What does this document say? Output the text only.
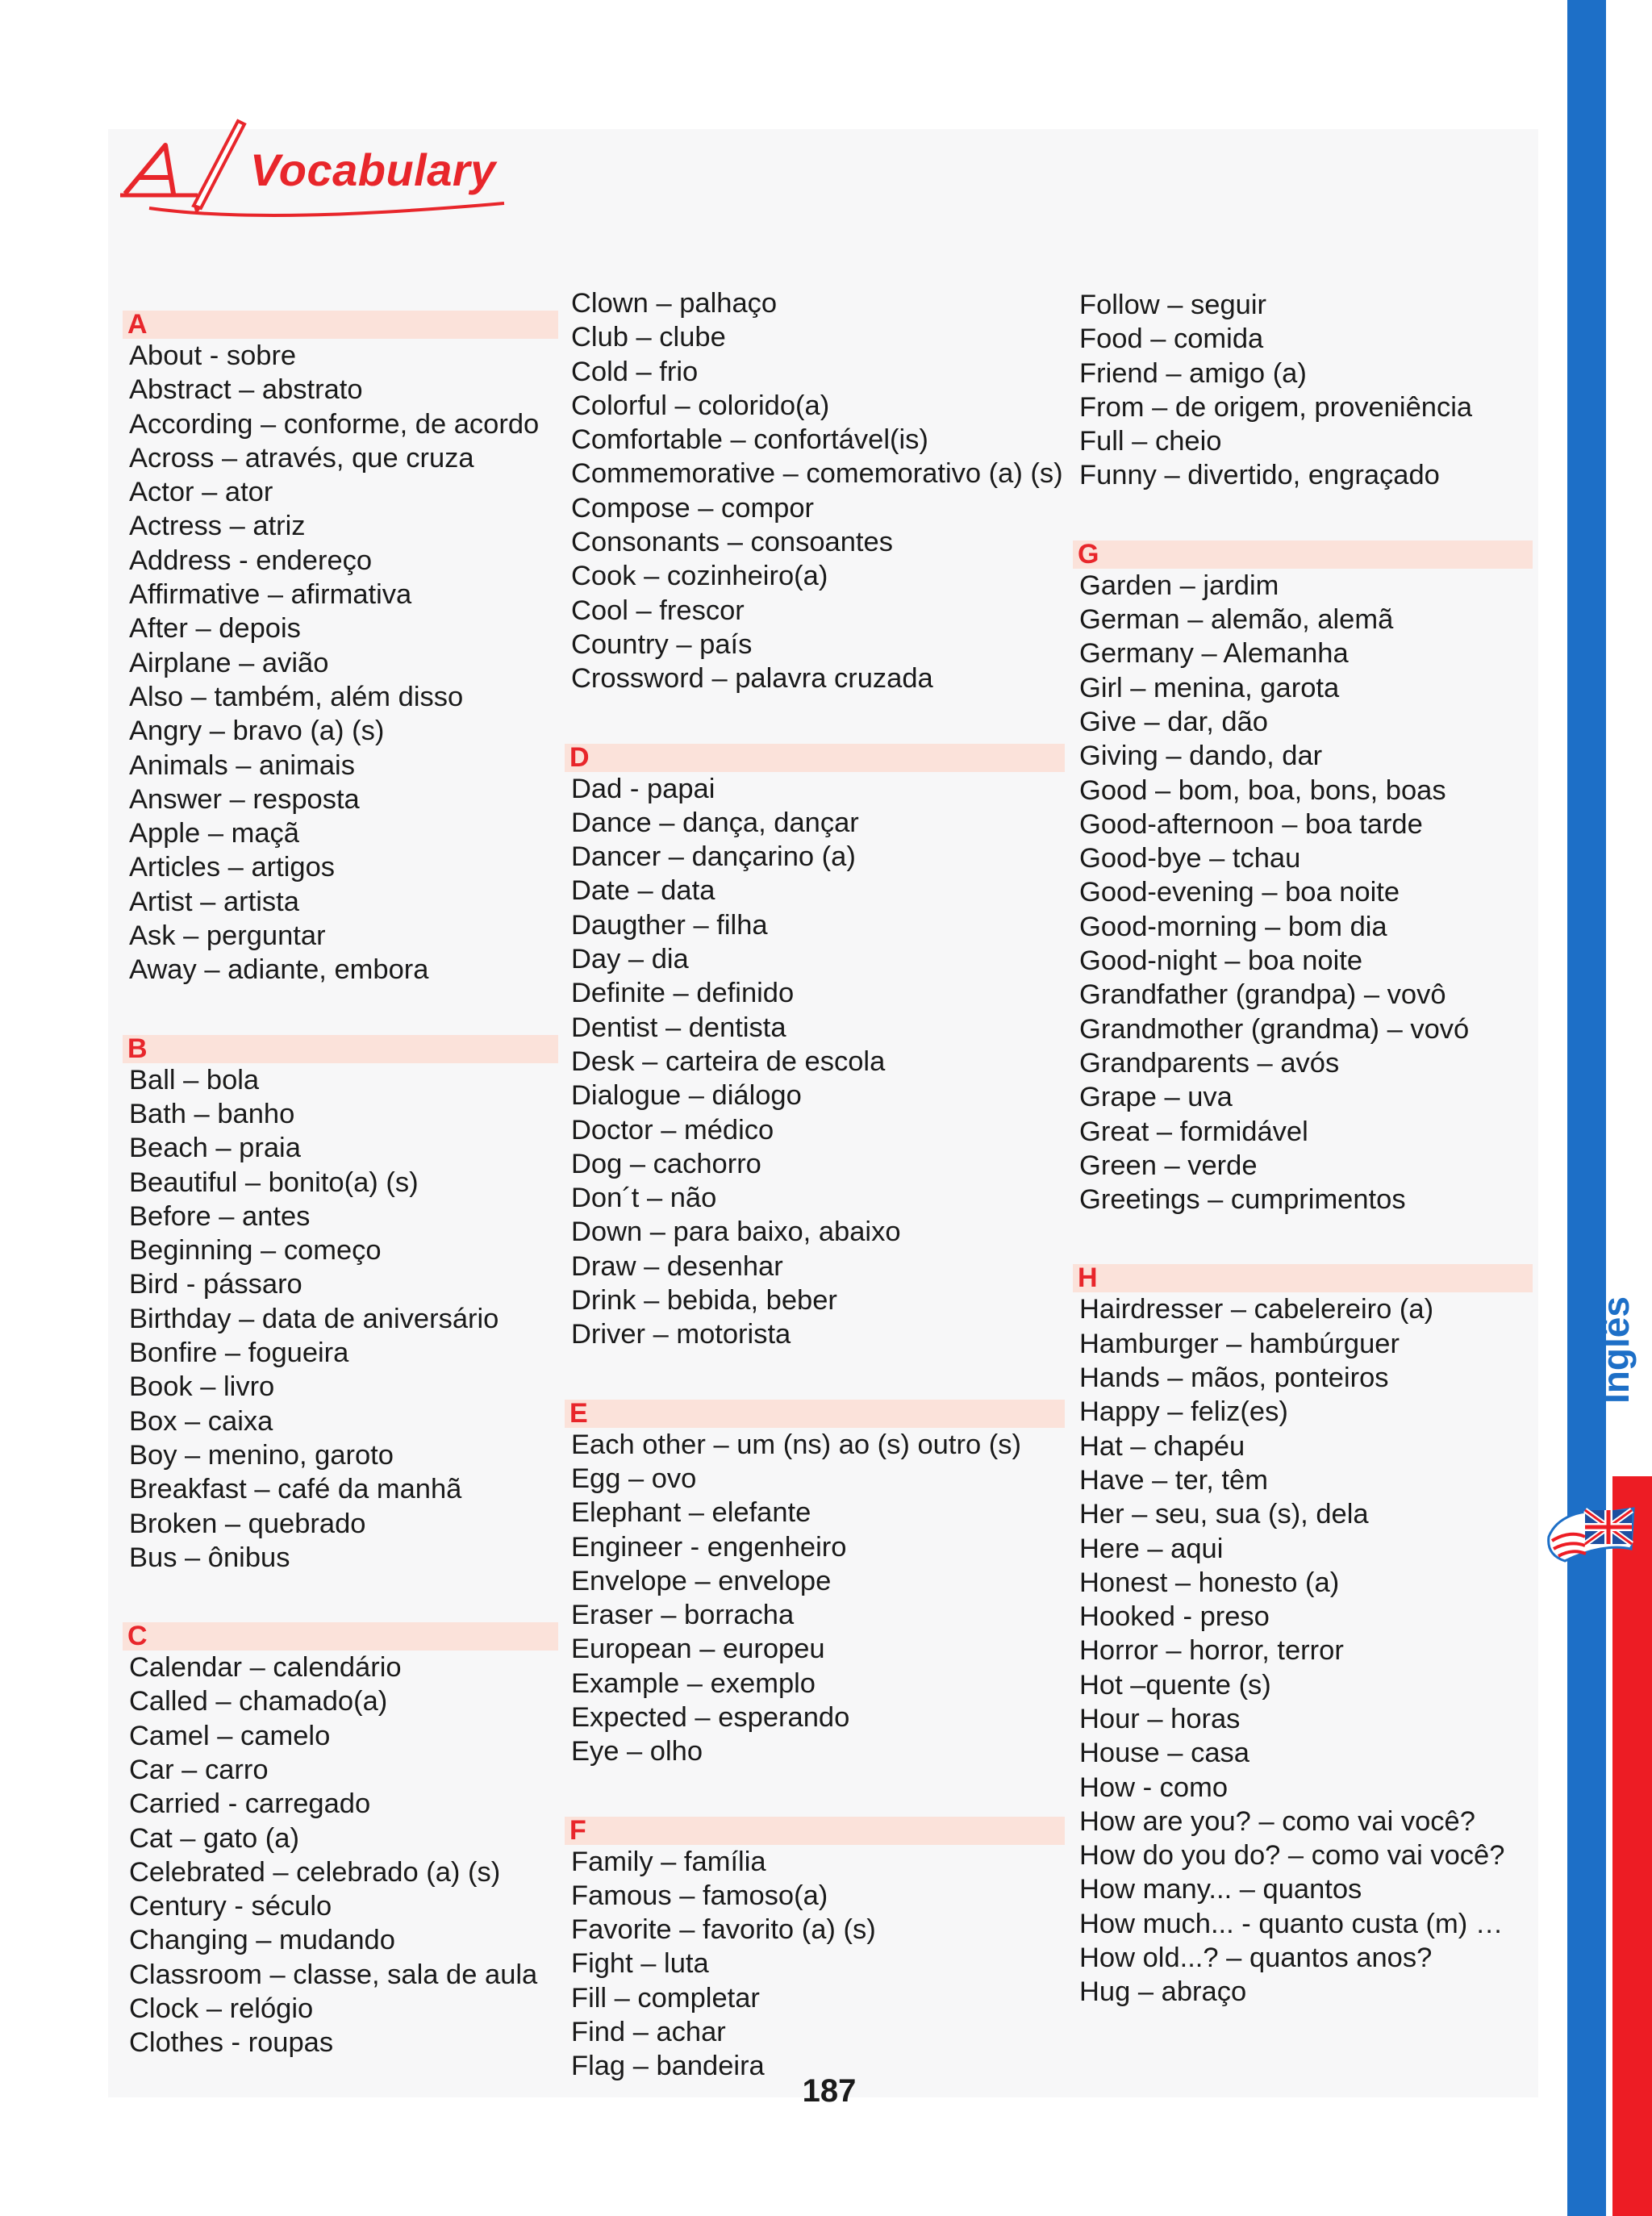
Vocabulary
A
About - sobre
Abstract – abstrato
According – conforme, de acordo
Across – através, que cruza
Actor – ator
Actress – atriz
Address - endereço
Affirmative – afirmativa
After – depois
Airplane – avião
Also – também, além disso
Angry – bravo (a) (s)
Animals – animais
Answer – resposta
Apple – maçã
Articles – artigos
Artist – artista
Ask – perguntar
Away – adiante, embora
B
Ball – bola
Bath – banho
Beach – praia
Beautiful – bonito(a) (s)
Before – antes
Beginning – começo
Bird - pássaro
Birthday – data de aniversário
Bonfire – fogueira
Book – livro
Box – caixa
Boy – menino, garoto
Breakfast – café da manhã
Broken – quebrado
Bus – ônibus
C
Calendar – calendário
Called – chamado(a)
Camel – camelo
Car – carro
Carried - carregado
Cat – gato (a)
Celebrated – celebrado (a) (s)
Century - século
Changing – mudando
Classroom – classe, sala de aula
Clock – relógio
Clothes - roupas
Clown – palhaço
Club – clube
Cold – frio
Colorful – colorido(a)
Comfortable – confortável(is)
Commemorative – comemorativo (a) (s)
Compose – compor
Consonants – consoantes
Cook – cozinheiro(a)
Cool – frescor
Country – país
Crossword – palavra cruzada
D
Dad - papai
Dance – dança, dançar
Dancer – dançarino (a)
Date – data
Daugther – filha
Day – dia
Definite – definido
Dentist – dentista
Desk – carteira de escola
Dialogue – diálogo
Doctor – médico
Dog – cachorro
Don´t – não
Down – para baixo, abaixo
Draw – desenhar
Drink – bebida, beber
Driver – motorista
E
Each other – um (ns) ao (s) outro (s)
Egg – ovo
Elephant – elefante
Engineer - engenheiro
Envelope – envelope
Eraser – borracha
European – europeu
Example – exemplo
Expected – esperando
Eye – olho
F
Family – família
Famous – famoso(a)
Favorite – favorito (a) (s)
Fight – luta
Fill – completar
Find – achar
Flag – bandeira
Follow – seguir
Food – comida
Friend – amigo (a)
From – de origem, proveniência
Full – cheio
Funny – divertido, engraçado
G
Garden – jardim
German – alemão, alemã
Germany – Alemanha
Girl – menina, garota
Give – dar, dão
Giving – dando, dar
Good – bom, boa, bons, boas
Good-afternoon – boa tarde
Good-bye – tchau
Good-evening – boa noite
Good-morning – bom dia
Good-night – boa noite
Grandfather (grandpa) – vovô
Grandmother (grandma) – vovó
Grandparents – avós
Grape – uva
Great – formidável
Green – verde
Greetings – cumprimentos
H
Hairdresser – cabelereiro (a)
Hamburger – hambúrguer
Hands – mãos, ponteiros
Happy – feliz(es)
Hat – chapéu
Have – ter, têm
Her – seu, sua (s), dela
Here – aqui
Honest – honesto (a)
Hooked - preso
Horror – horror, terror
Hot –quente (s)
Hour – horas
House – casa
How - como
How are you? – como vai você?
How do you do? – como vai você?
How many... – quantos
How much... - quanto custa (m) …
How old...? – quantos anos?
Hug – abraço
187
Inglês
